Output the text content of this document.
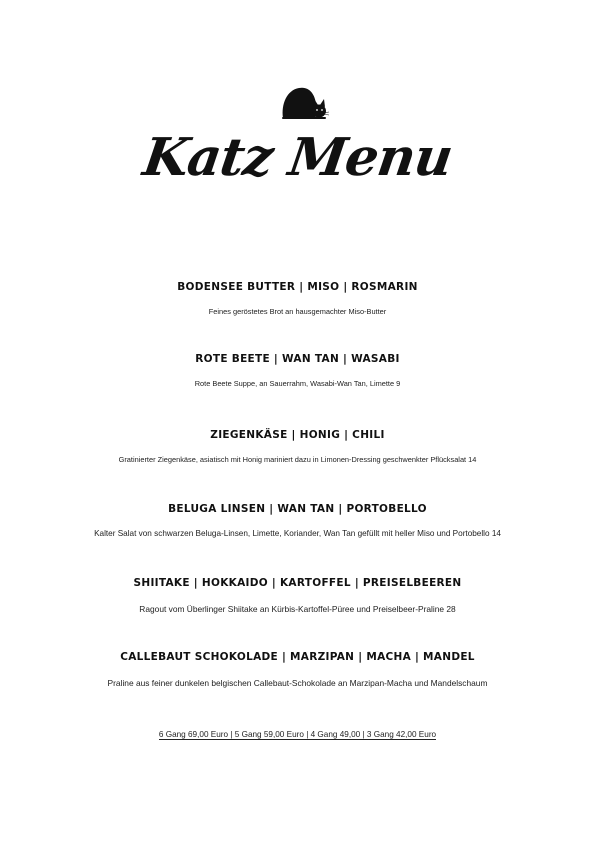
Katz Menu
BODENSEE BUTTER | MISO | ROSMARIN
Feines geröstetes Brot an hausgemachter Miso-Butter
ROTE BEETE | WAN TAN | WASABI
Rote Beete Suppe, an Sauerrahm, Wasabi-Wan Tan, Limette 9
ZIEGENKÄSE | HONIG | CHILI
Gratinierter Ziegenkäse, asiatisch mit Honig mariniert dazu in Limonen-Dressing geschwenkter Pflücksalat 14
BELUGA LINSEN | WAN TAN | PORTOBELLO
Kalter Salat von schwarzen Beluga-Linsen, Limette, Koriander, Wan Tan gefüllt mit heller Miso und Portobello 14
SHIITAKE | HOKKAIDO | KARTOFFEL | PREISELBEEREN
Ragout vom Überlinger Shiitake an Kürbis-Kartoffel-Püree und Preiselbeer-Praline 28
CALLEBAUT SCHOKOLADE | MARZIPAN | MACHA | MANDEL
Praline aus feiner dunkelen belgischen Callebaut-Schokolade an Marzipan-Macha und Mandelschaum
6 Gang 69,00 Euro | 5 Gang 59,00 Euro | 4 Gang 49,00 | 3 Gang 42,00 Euro
